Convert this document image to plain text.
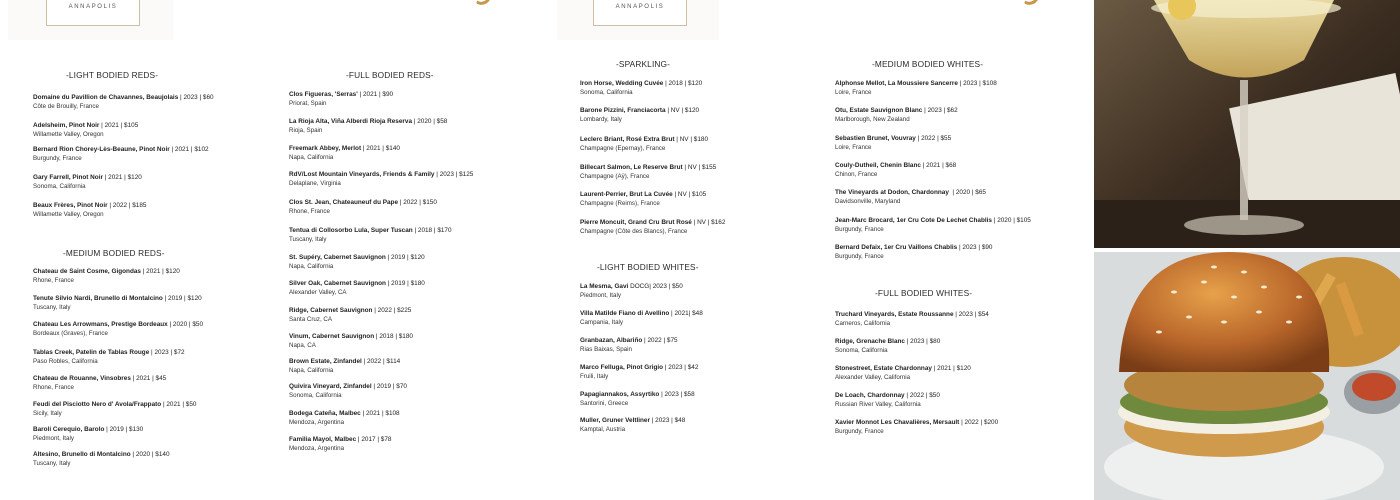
ANNAPOLIS	ANNAPOLIS
-LIGHT BODIED REDS-
Domaine du Pavillion de Chavannes, Beaujolais | 2023 | $60
Côte de Brouilly, France
Adelsheim, Pinot Noir | 2021 | $105
Willamette Valley, Oregon
Bernard Rion Chorey-Lès-Beaune, Pinot Noir | 2021 | $102
Burgundy, France
Gary Farrell, Pinot Noir | 2021 | $120
Sonoma, California
Beaux Frères, Pinot Noir | 2022 | $185
Willamette Valley, Oregon
-MEDIUM BODIED REDS-
Chateau de Saint Cosme, Gigondas | 2021 | $120
Rhone, France
Tenute Silvio Nardi, Brunello di Montalcino | 2019 | $120
Tuscany, Italy
Chateau Les Arrowmans, Prestige Bordeaux | 2020 | $50
Bordeaux (Graves), France
Tablas Creek, Patelin de Tablas Rouge | 2023 | $72
Paso Robles, California
Chateau de Rouanne, Vinsobres | 2021 | $45
Rhone, France
Feudi del Pisciotto Nero d' Avola/Frappato | 2021 | $50
Sicily, Italy
Baroli Cerequio, Barolo | 2019 | $130
Piedmont, Italy
Altesino, Brunello di Montalcino | 2020 | $140
Tuscany, Italy
-FULL BODIED REDS-
Clos Figueras, 'Serras' | 2021 | $90
Priorat, Spain
La Rioja Alta, Viña Alberdi Rioja Reserva | 2020 | $58
Rioja, Spain
Freemark Abbey, Merlot | 2021 | $140
Napa, California
RdV/Lost Mountain Vineyards, Friends & Family | 2023 | $125
Delaplane, Virginia
Clos St. Jean, Chateauneuf du Pape | 2022 | $150
Rhone, France
Tentua di Collosorbo Lula, Super Tuscan | 2018 | $170
Tuscany, Italy
St. Supéry, Cabernet Sauvignon | 2019 | $120
Napa, California
Silver Oak, Cabernet Sauvignon | 2019 | $180
Alexander Valley, CA
Ridge, Cabernet Sauvignon | 2022 | $225
Santa Cruz, CA
Vinum, Cabernet Sauvignon | 2018 | $180
Napa, CA
Brown Estate, Zinfandel | 2022 | $114
Napa, California
Quivira Vineyard, Zinfandel | 2019 | $70
Sonoma, California
Bodega Cateña, Malbec | 2021 | $108
Mendoza, Argentina
Familia Mayol, Malbec | 2017 | $78
Mendoza, Argentina
-SPARKLING-
Iron Horse, Wedding Cuvée | 2018 | $120
Sonoma, California
Barone Pizzini, Franciacorta | NV | $120
Lombardy, Italy
Leclerc Briant, Rosé Extra Brut | NV | $180
Champagne (Epernay), France
Billecart Salmon, Le Reserve Brut | NV | $155
Champagne (Aÿ), France
Laurent-Perrier, Brut La Cuvée | NV | $105
Champagne (Reims), France
Pierre Moncuit, Grand Cru Brut Rosé | NV | $162
Champagne (Côte des Blancs), France
-LIGHT BODIED WHITES-
La Mesma, Gavi DOCG| 2023 | $50
Piedmont, Italy
Villa Matilde Fiano di Avellino | 2021| $48
Campania, Italy
Granbazan, Albariño | 2022 | $75
Rias Baixas, Spain
Marco Felluga, Pinot Grigio | 2023 | $42
Fruili, Italy
Papagiannakos, Assyrtiko | 2023 | $58
Santorini, Greece
Muller, Gruner Veltliner | 2023 | $48
Kamptal, Austria
-MEDIUM BODIED WHITES-
Alphonse Mellot, La Moussiere Sancerre | 2023 | $108
Loire, France
Otu, Estate Sauvignon Blanc | 2023 | $62
Marlborough, New Zealand
Sebastien Brunet, Vouvray | 2022 | $55
Loire, France
Couly-Dutheil, Chenin Blanc | 2021 | $68
Chinon, France
The Vineyards at Dodon, Chardonnay  | 2020 | $65
Davidsonville, Maryland
Jean-Marc Brocard, 1er Cru Cote De Lechet Chablis | 2020 | $105
Burgundy, France
Bernard Defaix, 1er Cru Vaillons Chablis | 2023 | $90
Burgundy, France
-FULL BODIED WHITES-
Truchard Vineyards, Estate Roussanne | 2023 | $54
Carneros, California
Ridge, Grenache Blanc | 2023 | $80
Sonoma, California
Stonestreet, Estate Chardonnay | 2021 | $120
Alexander Valley, California
De Loach, Chardonnay | 2022 | $50
Russian River Valley, California
Xavier Monnot Les Chavalières, Mersault | 2022 | $200
Burgundy, France
